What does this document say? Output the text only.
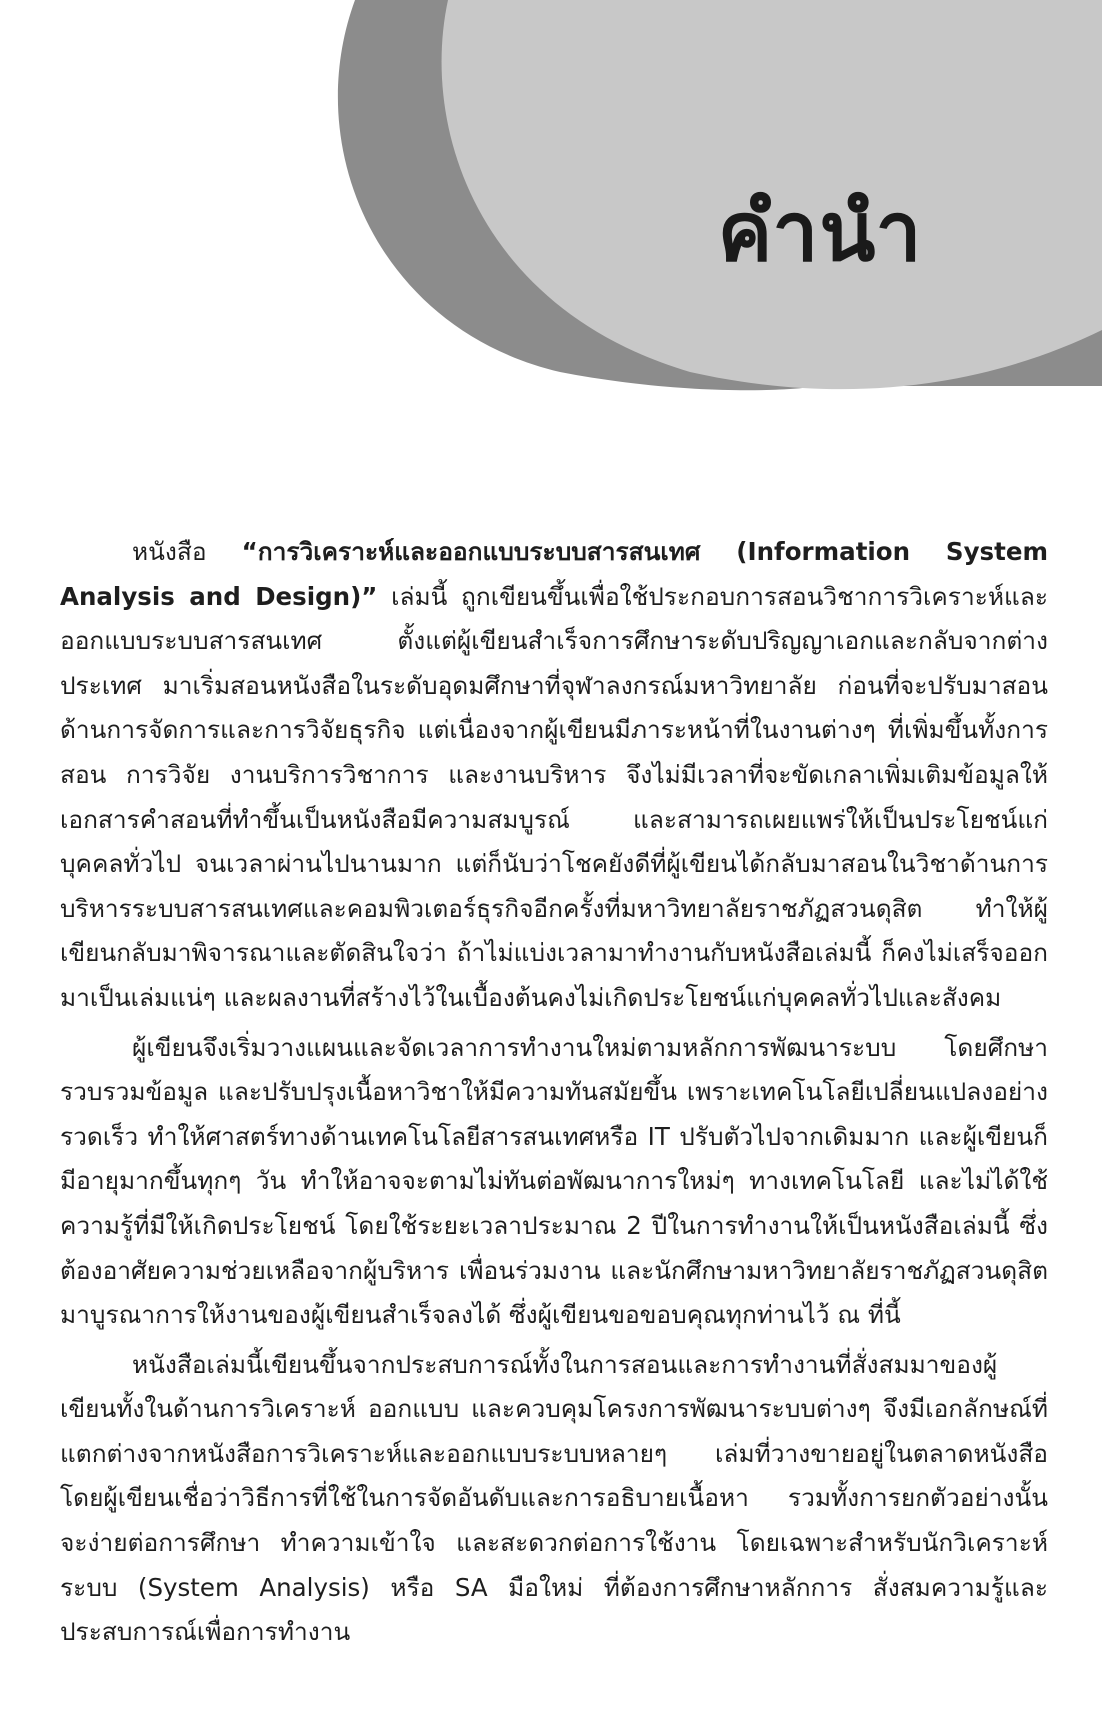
คำนำ

หนังสือ “การวิเคราะห์และออกแบบระบบสารสนเทศ (Information System Analysis and Design)” เล่มนี้ ถูกเขียนขึ้นเพื่อใช้ประกอบการสอนวิชาการวิเคราะห์และออกแบบระบบสารสนเทศ ตั้งแต่ผู้เขียนสำเร็จการศึกษาระดับปริญญาเอกและกลับจากต่างประเทศ มาเริ่มสอนหนังสือในระดับอุดมศึกษาที่จุฬาลงกรณ์มหาวิทยาลัย ก่อนที่จะปรับมาสอนด้านการจัดการและการวิจัยธุรกิจ แต่เนื่องจากผู้เขียนมีภาระหน้าที่ในงานต่างๆ ที่เพิ่มขึ้นทั้งการสอน การวิจัย งานบริการวิชาการ และงานบริหาร จึงไม่มีเวลาที่จะขัดเกลาเพิ่มเติมข้อมูลให้เอกสารคำสอนที่ทำขึ้นเป็นหนังสือมีความสมบูรณ์ และสามารถเผยแพร่ให้เป็นประโยชน์แก่บุคคลทั่วไป จนเวลาผ่านไปนานมาก แต่ก็นับว่าโชคยังดีที่ผู้เขียนได้กลับมาสอนในวิชาด้านการบริหารระบบสารสนเทศและคอมพิวเตอร์ธุรกิจอีกครั้งที่มหาวิทยาลัยราชภัฏสวนดุสิต ทำให้ผู้เขียนกลับมาพิจารณาและตัดสินใจว่า ถ้าไม่แบ่งเวลามาทำงานกับหนังสือเล่มนี้ ก็คงไม่เสร็จออกมาเป็นเล่มแน่ๆ และผลงานที่สร้างไว้ในเบื้องต้นคงไม่เกิดประโยชน์แก่บุคคลทั่วไปและสังคม

ผู้เขียนจึงเริ่มวางแผนและจัดเวลาการทำงานใหม่ตามหลักการพัฒนาระบบ โดยศึกษารวบรวมข้อมูล และปรับปรุงเนื้อหาวิชาให้มีความทันสมัยขึ้น เพราะเทคโนโลยีเปลี่ยนแปลงอย่างรวดเร็ว ทำให้ศาสตร์ทางด้านเทคโนโลยีสารสนเทศหรือ IT ปรับตัวไปจากเดิมมาก และผู้เขียนก็มีอายุมากขึ้นทุกๆ วัน ทำให้อาจจะตามไม่ทันต่อพัฒนาการใหม่ๆ ทางเทคโนโลยี และไม่ได้ใช้ความรู้ที่มีให้เกิดประโยชน์ โดยใช้ระยะเวลาประมาณ 2 ปีในการทำงานให้เป็นหนังสือเล่มนี้ ซึ่งต้องอาศัยความช่วยเหลือจากผู้บริหาร เพื่อนร่วมงาน และนักศึกษามหาวิทยาลัยราชภัฏสวนดุสิต มาบูรณาการให้งานของผู้เขียนสำเร็จลงได้ ซึ่งผู้เขียนขอขอบคุณทุกท่านไว้ ณ ที่นี้

หนังสือเล่มนี้เขียนขึ้นจากประสบการณ์ทั้งในการสอนและการทำงานที่สั่งสมมาของผู้เขียนทั้งในด้านการวิเคราะห์ ออกแบบ และควบคุมโครงการพัฒนาระบบต่างๆ จึงมีเอกลักษณ์ที่แตกต่างจากหนังสือการวิเคราะห์และออกแบบระบบหลายๆ เล่มที่วางขายอยู่ในตลาดหนังสือ โดยผู้เขียนเชื่อว่าวิธีการที่ใช้ในการจัดอันดับและการอธิบายเนื้อหา รวมทั้งการยกตัวอย่างนั้น จะง่ายต่อการศึกษา ทำความเข้าใจ และสะดวกต่อการใช้งาน โดยเฉพาะสำหรับนักวิเคราะห์ระบบ (System Analysis) หรือ SA มือใหม่ ที่ต้องการศึกษาหลักการ สั่งสมความรู้และประสบการณ์เพื่อการทำงาน
